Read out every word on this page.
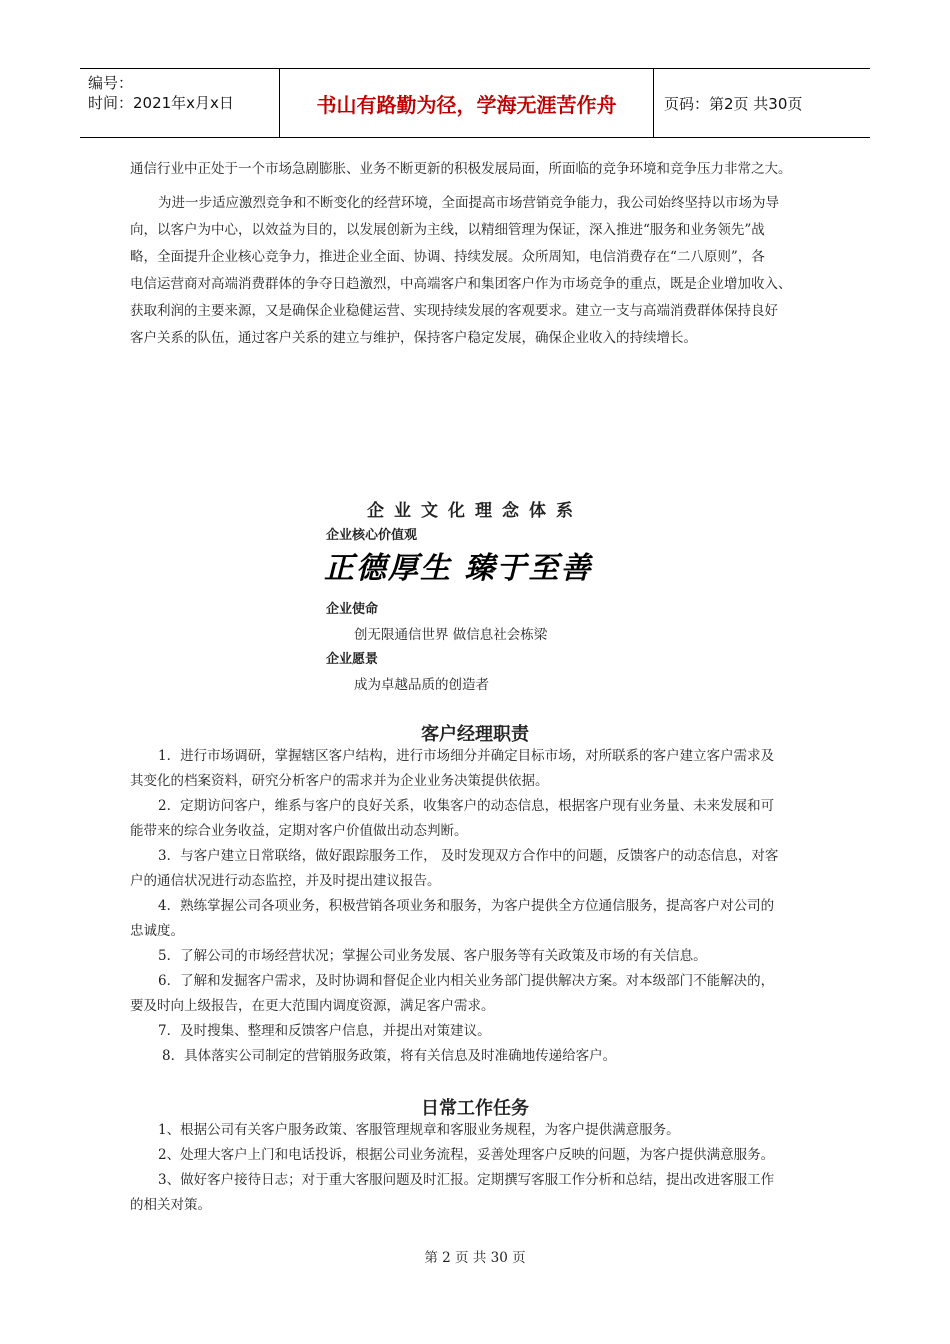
编号：
时间：2021年x月x日	书山有路勤为径，学海无涯苦作舟	页码：第2页 共30页

通信行业中正处于一个市场急剧膨胀、业务不断更新的积极发展局面，所面临的竞争环境和竞争压力非常之大。

为进一步适应激烈竞争和不断变化的经营环境，全面提高市场营销竞争能力，我公司始终坚持以市场为导
向，以客户为中心，以效益为目的，以发展创新为主线，以精细管理为保证，深入推进“服务和业务领先”战
略，全面提升企业核心竞争力，推进企业全面、协调、持续发展。众所周知，电信消费存在“二八原则”，各
电信运营商对高端消费群体的争夺日趋激烈，中高端客户和集团客户作为市场竞争的重点，既是企业增加收入、
获取利润的主要来源，又是确保企业稳健运营、实现持续发展的客观要求。建立一支与高端消费群体保持良好
客户关系的队伍，通过客户关系的建立与维护，保持客户稳定发展，确保企业收入的持续增长。
企业文化理念体系
企业核心价值观
正德厚生 臻于至善
企业使命
创无限通信世界 做信息社会栋梁
企业愿景
成为卓越品质的创造者
客户经理职责
1．进行市场调研，掌握辖区客户结构，进行市场细分并确定目标市场，对所联系的客户建立客户需求及
其变化的档案资料，研究分析客户的需求并为企业业务决策提供依据。
2．定期访问客户，维系与客户的良好关系，收集客户的动态信息，根据客户现有业务量、未来发展和可
能带来的综合业务收益，定期对客户价值做出动态判断。
3．与客户建立日常联络，做好跟踪服务工作， 及时发现双方合作中的问题，反馈客户的动态信息，对客
户的通信状况进行动态监控，并及时提出建议报告。
4．熟练掌握公司各项业务，积极营销各项业务和服务，为客户提供全方位通信服务，提高客户对公司的
忠诚度。
5．了解公司的市场经营状况；掌握公司业务发展、客户服务等有关政策及市场的有关信息。
6．了解和发掘客户需求，及时协调和督促企业内相关业务部门提供解决方案。对本级部门不能解决的，
要及时向上级报告，在更大范围内调度资源，满足客户需求。
7．及时搜集、整理和反馈客户信息，并提出对策建议。
8．具体落实公司制定的营销服务政策，将有关信息及时准确地传递给客户。
日常工作任务
1、根据公司有关客户服务政策、客服管理规章和客服业务规程，为客户提供满意服务。
2、处理大客户上门和电话投诉，根据公司业务流程，妥善处理客户反映的问题，为客户提供满意服务。
3、做好客户接待日志；对于重大客服问题及时汇报。定期撰写客服工作分析和总结，提出改进客服工作
的相关对策。
第 2 页 共 30 页
